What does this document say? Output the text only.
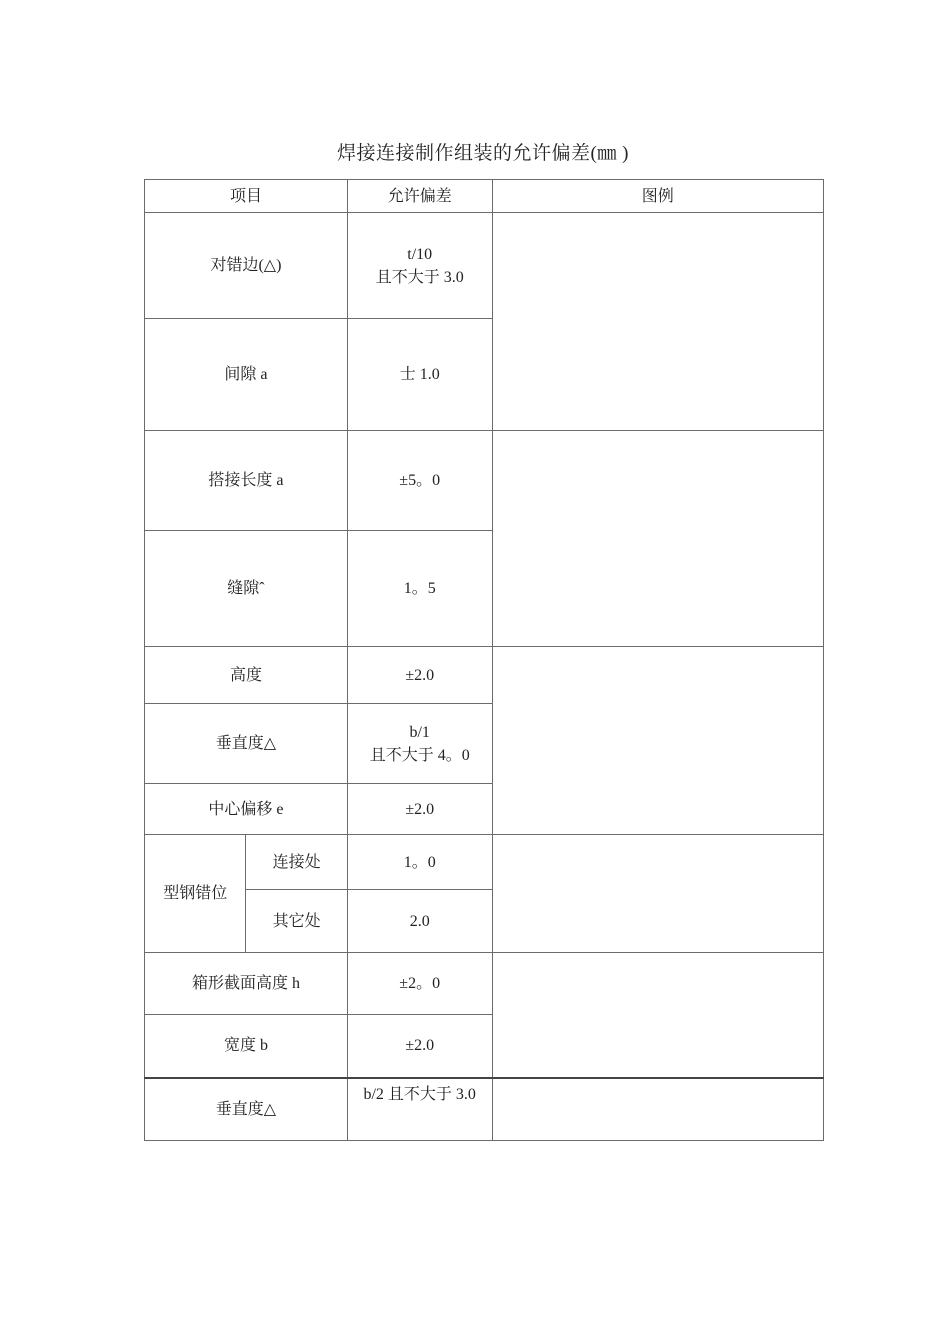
焊接连接制作组装的允许偏差(㎜ )
项目		允许偏差	图例
对错边(△)		t/10
且不大于 3.0	

间隙 a		士 1.0	
搭接长度 a		±5。0	
缝隙ˆ		1。5	
高度		±2.0	
垂直度△		b/1
且不大于 4。0	

中心偏移 e		±2.0	
型钢错位	连接处	1。0	
	其它处	2.0	
箱形截面高度 h		±2。0	
宽度 b		±2.0	
垂直度△		b/2 且不大于 3.0	
